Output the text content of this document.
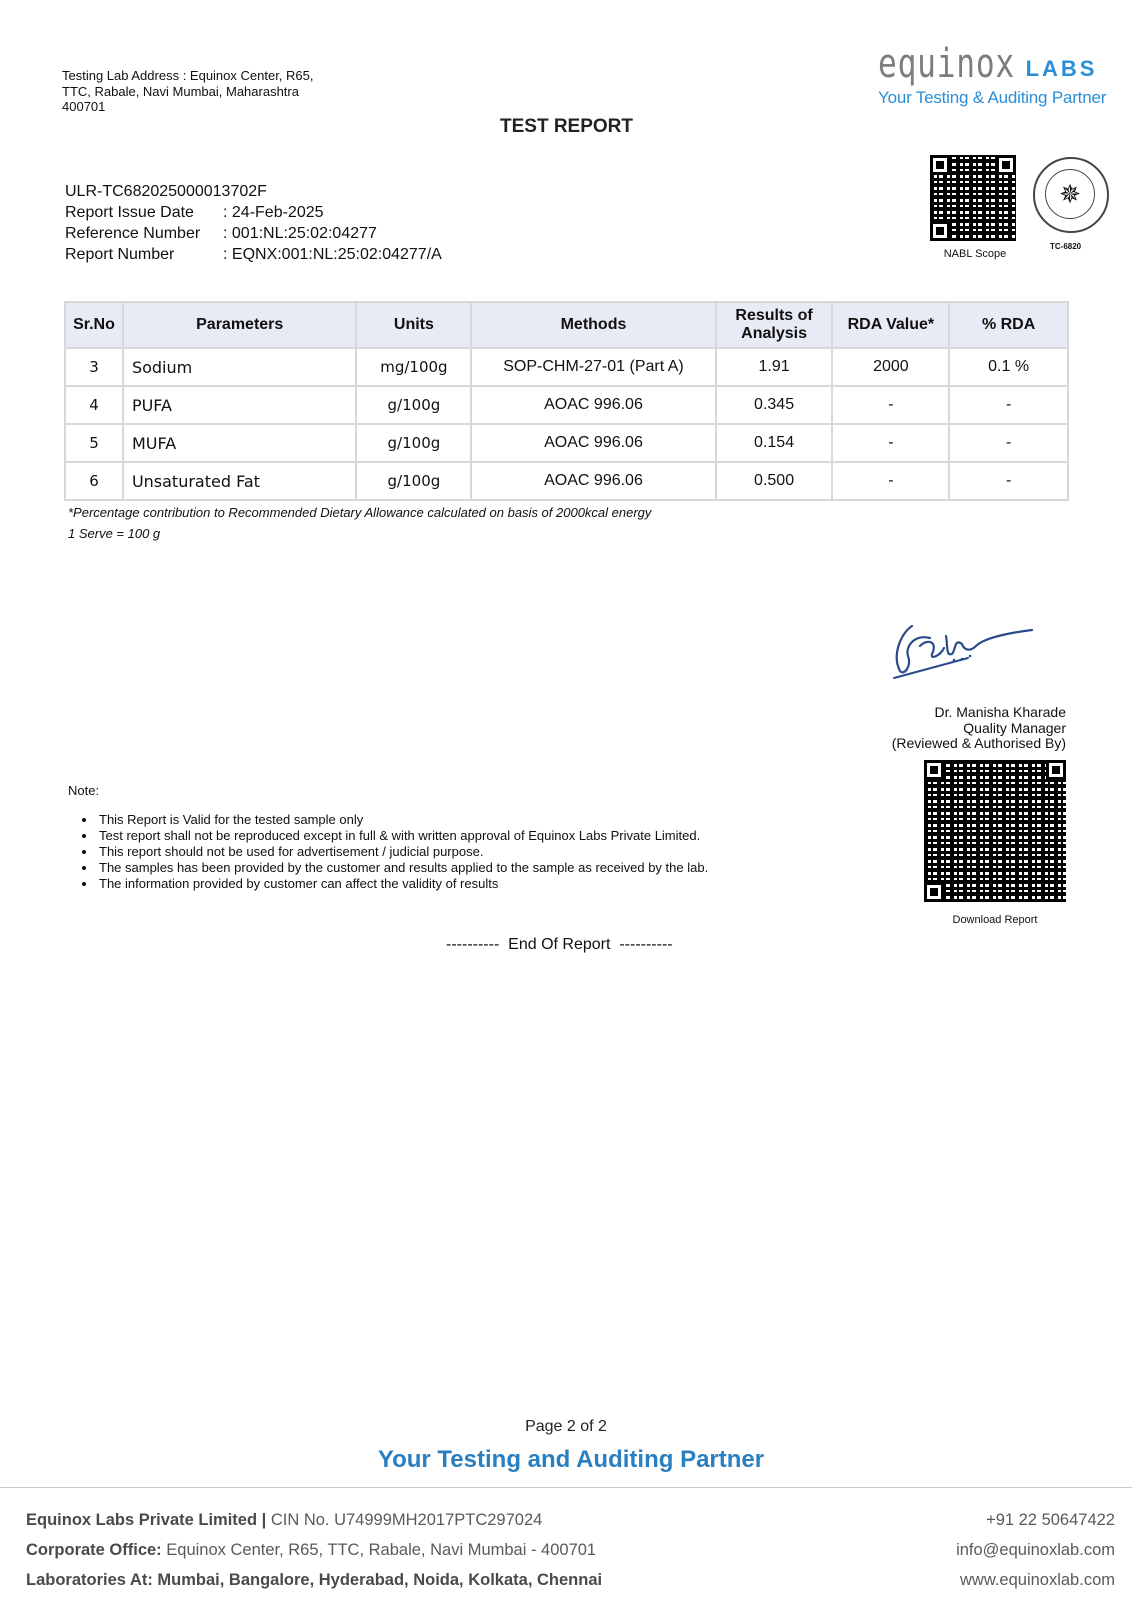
Testing Lab Address : Equinox Center, R65,
TTC, Rabale, Navi Mumbai, Maharashtra
400701
equinox LABS
Your Testing & Auditing Partner
TEST REPORT
NABL Scope
✵
TC-6820
ULR-TC682025000013702F
Report Issue Date	: 24-Feb-2025
Reference Number	: 001:NL:25:02:04277
Report Number	: EQNX:001:NL:25:02:04277/A
Sr.No	Parameters	Units	Methods	Results of Analysis	RDA Value*	% RDA
3	Sodium	mg/100g	SOP-CHM-27-01 (Part A)	1.91	2000	0.1 %
4	PUFA	g/100g	AOAC 996.06	0.345	-	-
5	MUFA	g/100g	AOAC 996.06	0.154	-	-
6	Unsaturated Fat	g/100g	AOAC 996.06	0.500	-	-
*Percentage contribution to Recommended Dietary Allowance calculated on basis of 2000kcal energy
1 Serve = 100 g
Dr. Manisha Kharade
Quality Manager
(Reviewed & Authorised By)
Download Report
Note:
• This Report is Valid for the tested sample only
• Test report shall not be reproduced except in full & with written approval of Equinox Labs Private Limited.
• This report should not be used for advertisement / judicial purpose.
• The samples has been provided by the customer and results applied to the sample as received by the lab.
• The information provided by customer can affect the validity of results
----------  End Of Report  ----------
Page 2 of 2
Your Testing and Auditing Partner
Equinox Labs Private Limited | CIN No. U74999MH2017PTC297024
Corporate Office: Equinox Center, R65, TTC, Rabale, Navi Mumbai - 400701
Laboratories At: Mumbai, Bangalore, Hyderabad, Noida, Kolkata, Chennai
+91 22 50647422
info@equinoxlab.com
www.equinoxlab.com
